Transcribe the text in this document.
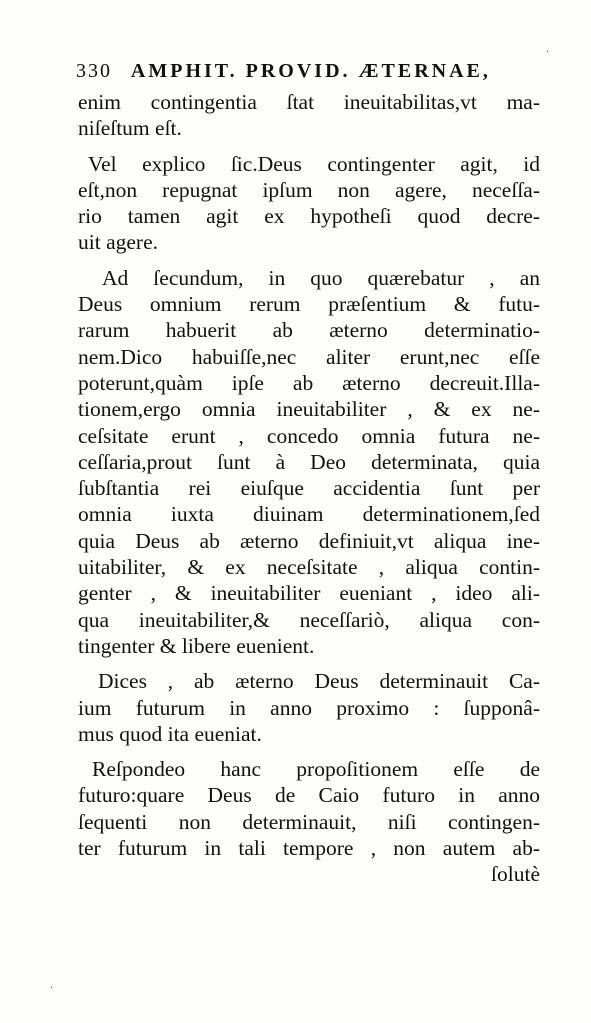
330 AMPHIT. PROVID. ÆTERNAE,
enim contingentia ſtat ineuitabilitas,vt ma-
niſeſtum eſt.
Vel explico ſic.Deus contingenter agit, id
eſt,non repugnat ipſum non agere, neceſſa-
rio tamen agit ex hypotheſi quod decre-
uit agere.
Ad ſecundum, in quo quærebatur , an
Deus omnium rerum præſentium & futu-
rarum habuerit ab æterno determinatio-
nem.Dico habuiſſe,nec aliter erunt,nec eſſe
poterunt,quàm ipſe ab æterno decreuit.Illa-
tionem,ergo omnia ineuitabiliter , & ex ne-
ceſsitate erunt , concedo omnia futura ne-
ceſſaria,prout ſunt à Deo determinata, quia
ſubſtantia rei eiuſque accidentia ſunt per
omnia iuxta diuinam determinationem,ſed
quia Deus ab æterno definiuit,vt aliqua ine-
uitabiliter, & ex neceſsitate , aliqua contin-
genter , & ineuitabiliter eueniant , ideo ali-
qua ineuitabiliter,& neceſſariò, aliqua con-
tingenter & libere euenient.
Dices , ab æterno Deus determinauit Ca-
ium futurum in anno proximo : ſupponâ-
mus quod ita eueniat.
Reſpondeo hanc propoſitionem eſſe de
futuro:quare Deus de Caio futuro in anno
ſequenti non determinauit, niſi contingen-
ter futurum in tali tempore , non autem ab-
ſolutè
.
.
